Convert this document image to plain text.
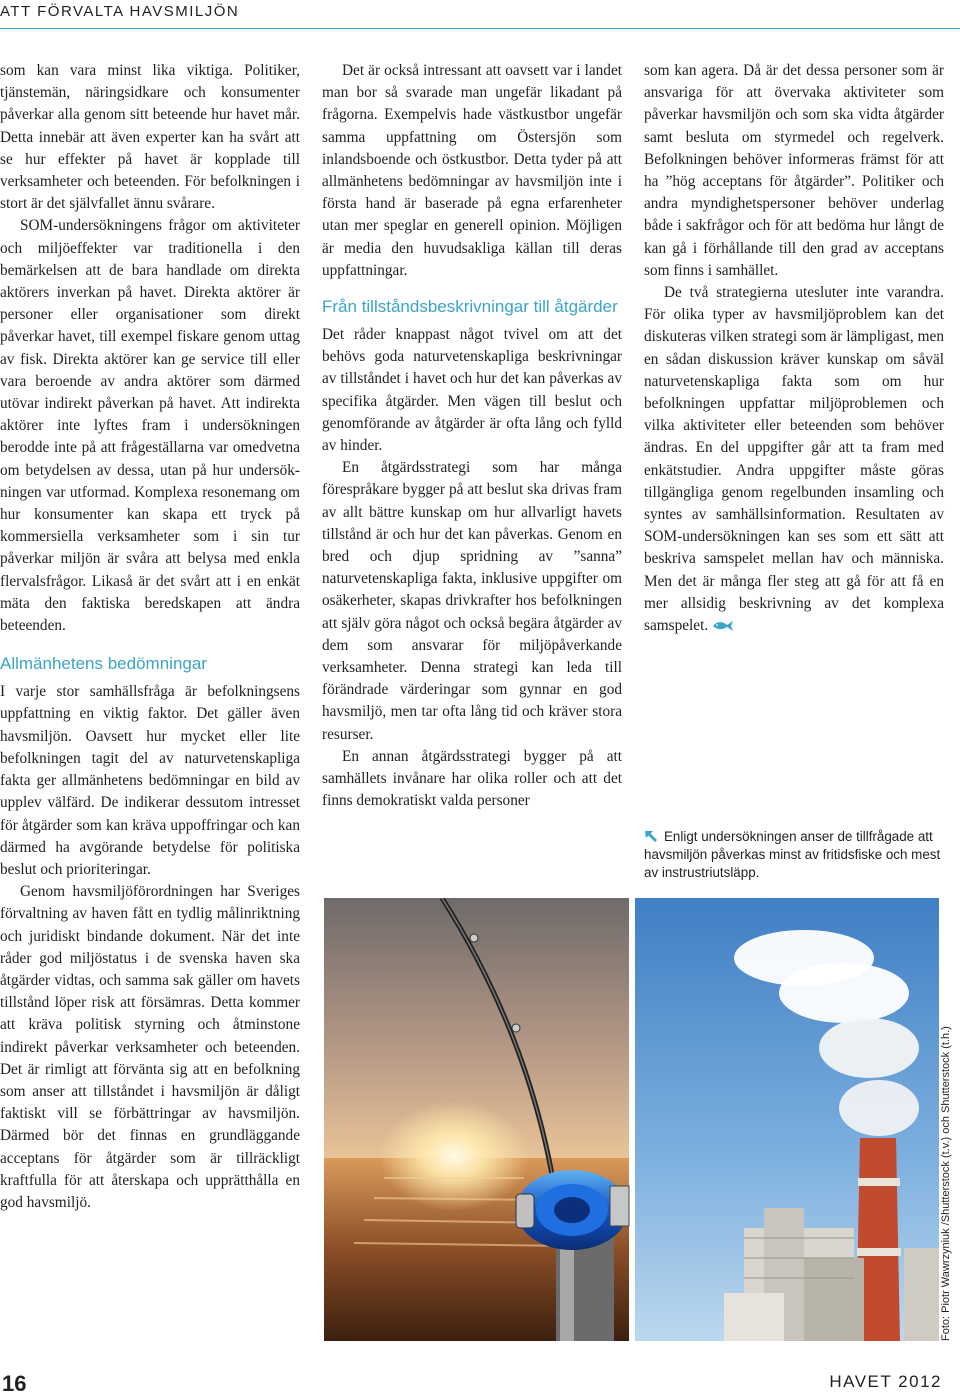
ATT FÖRVALTA HAVSMILJÖN

som kan vara minst lika viktiga. Politiker, tjänstemän, näringsidkare och konsumenter påverkar alla genom sitt beteende hur havet mår. Detta innebär att även experter kan ha svårt att se hur effekter på havet är kopplade till verksamheter och beteenden. För befolkningen i stort är det självfallet ännu svårare.

SOM-undersökningens frågor om aktiviteter och miljöeffekter var traditionella i den bemärkelsen att de bara handlade om direkta aktörers inverkan på havet. Direkta aktörer är personer eller organisationer som direkt påverkar havet, till exempel fiskare genom uttag av fisk. Direkta aktörer kan ge service till eller vara beroende av andra aktörer som därmed utövar indirekt påverkan på havet. Att indirekta aktörer inte lyftes fram i undersökningen berodde inte på att frågeställarna var omedvetna om betydelsen av dessa, utan på hur undersökningen var utformad. Komplexa resonemang om hur konsumenter kan skapa ett tryck på kommersiella verksamheter som i sin tur påverkar miljön är svåra att belysa med enkla flervalsfrågor. Likaså är det svårt att i en enkät mäta den faktiska beredskapen att ändra beteenden.

Allmänhetens bedömningar

I varje stor samhällsfråga är befolkningsens uppfattning en viktig faktor. Det gäller även havsmiljön. Oavsett hur mycket eller lite befolkningen tagit del av naturvetenskapliga fakta ger allmänhetens bedömningar en bild av upplev välfärd. De indikerar dessutom intresset för åtgärder som kan kräva uppoffringar och kan därmed ha avgörande betydelse för politiska beslut och prioriteringar.

Genom havsmiljöförordningen har Sveriges förvaltning av haven fått en tydlig målinriktning och juridiskt bindande dokument. När det inte råder god miljöstatus i de svenska haven ska åtgärder vidtas, och samma sak gäller om havets tillstånd löper risk att försämras. Detta kommer att kräva politisk styrning och åtminstone indirekt påverkar verksamheter och beteenden. Det är rimligt att förvänta sig att en befolkning som anser att tillståndet i havsmiljön är dåligt faktiskt vill se förbättringar av havsmiljön. Därmed bör det finnas en grundläggande acceptans för åtgärder som är tillräckligt kraftfulla för att återskapa och upprätthålla en god havsmiljö.

Det är också intressant att oavsett var i landet man bor så svarade man ungefär likadant på frågorna. Exempelvis hade västkustbor ungefär samma uppfattning om Östersjön som inlandsboende och östkustbor. Detta tyder på att allmänhetens bedömningar av havsmiljön inte i första hand är baserade på egna erfarenheter utan mer speglar en generell opinion. Möjligen är media den huvudsakliga källan till deras uppfattningar.

Från tillståndsbeskrivningar till åtgärder

Det råder knappast något tvivel om att det behövs goda naturvetenskapliga beskrivningar av tillståndet i havet och hur det kan påverkas av specifika åtgärder. Men vägen till beslut och genomförande av åtgärder är ofta lång och fylld av hinder.

En åtgärdsstrategi som har många förespråkare bygger på att beslut ska drivas fram av allt bättre kunskap om hur allvarligt havets tillstånd är och hur det kan påverkas. Genom en bred och djup spridning av ”sanna” naturvetenskapliga fakta, inklusive uppgifter om osäkerheter, skapas drivkrafter hos befolkningen att själv göra något och också begära åtgärder av dem som ansvarar för miljöpåverkande verksamheter. Denna strategi kan leda till förändrade värderingar som gynnar en god havsmiljö, men tar ofta lång tid och kräver stora resurser.

En annan åtgärdsstrategi bygger på att samhällets invånare har olika roller och att det finns demokratiskt valda personer

som kan agera. Då är det dessa personer som är ansvariga för att övervaka aktiviteter som påverkar havsmiljön och som ska vidta åtgärder samt besluta om styrmedel och regelverk. Befolkningen behöver informeras främst för att ha ”hög acceptans för åtgärder”. Politiker och andra myndighetspersoner behöver underlag både i sakfrågor och för att bedöma hur långt de kan gå i förhållande till den grad av acceptans som finns i samhället.

De två strategierna utesluter inte varandra. För olika typer av havsmiljöproblem kan det diskuteras vilken strategi som är lämpligast, men en sådan diskussion kräver kunskap om såväl naturvetenskapliga fakta som om hur befolkningen uppfattar miljöproblemen och vilka aktiviteter eller beteenden som behöver ändras. En del uppgifter går att ta fram med enkätstudier. Andra uppgifter måste göras tillgängliga genom regelbunden insamling och syntes av samhällsinformation. Resultaten av SOM-undersökningen kan ses som ett sätt att beskriva samspelet mellan hav och människa. Men det är många fler steg att gå för att få en mer allsidig beskrivning av det komplexa samspelet.

Enligt undersökningen anser de tillfrågade att havsmiljön påverkas minst av fritidsfiske och mest av instrustriutsläpp.
Foto: Piotr Wawrzyniuk /Shutterstock (t.v.) och Shutterstock (t.h.)
16	HAVET 2012
